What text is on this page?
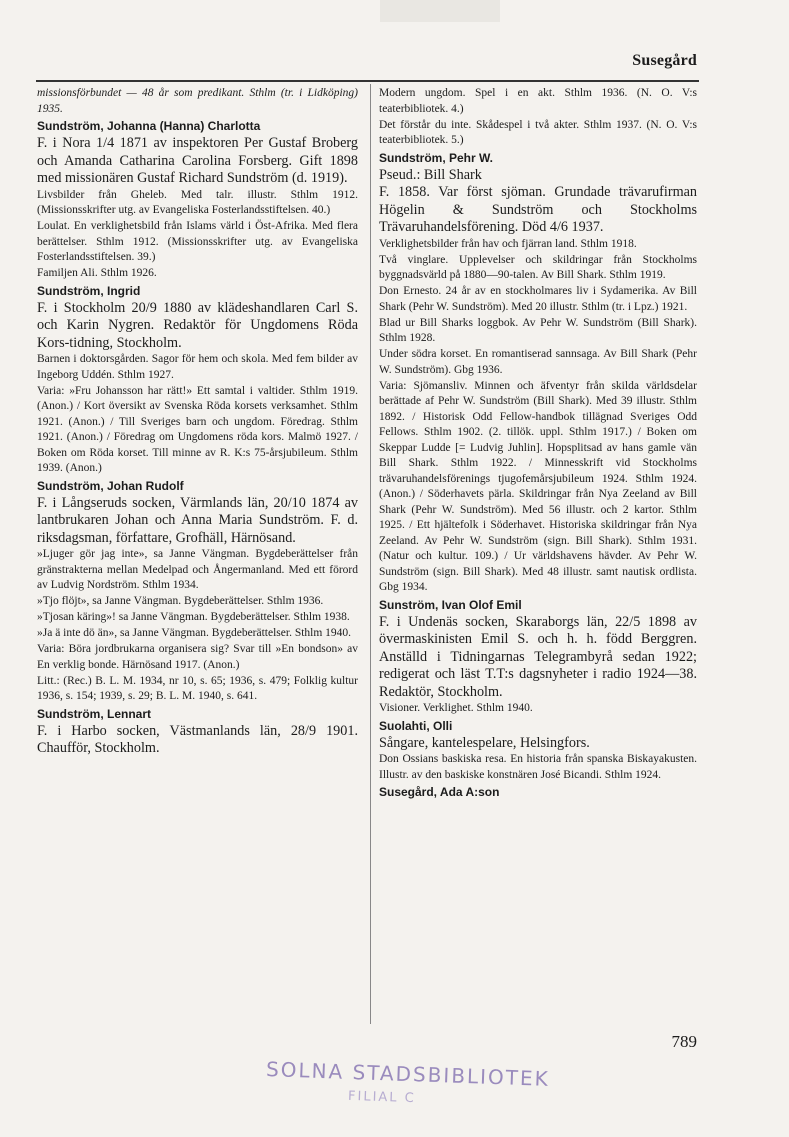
Susegård

missionsförbundet — 48 år som predikant. Sthlm (tr. i Lidköping) 1935.

Sundström, Johanna (Hanna) Charlotta

F. i Nora 1/4 1871 av inspektoren Per Gustaf Broberg och Amanda Catharina Carolina Forsberg. Gift 1898 med missionären Gustaf Richard Sundström (d. 1919).

Livsbilder från Gheleb. Med talr. illustr. Sthlm 1912. (Missionsskrifter utg. av Evangeliska Fosterlandsstiftelsen. 40.)

Loulat. En verklighetsbild från Islams värld i Öst-Afrika. Med flera berättelser. Sthlm 1912. (Missionsskrifter utg. av Evangeliska Fosterlandsstiftelsen. 39.)

Familjen Ali. Sthlm 1926.

Sundström, Ingrid

F. i Stockholm 20/9 1880 av klädeshandlaren Carl S. och Karin Nygren. Redaktör för Ungdomens Röda Kors-tidning, Stockholm.

Barnen i doktorsgården. Sagor för hem och skola. Med fem bilder av Ingeborg Uddén. Sthlm 1927.

Varia: »Fru Johansson har rätt!» Ett samtal i valtider. Sthlm 1919. (Anon.) / Kort översikt av Svenska Röda korsets verksamhet. Sthlm 1921. (Anon.) / Till Sveriges barn och ungdom. Föredrag. Sthlm 1921. (Anon.) / Föredrag om Ungdomens röda kors. Malmö 1927. / Boken om Röda korset. Till minne av R. K:s 75-årsjubileum. Sthlm 1939. (Anon.)

Sundström, Johan Rudolf

F. i Långseruds socken, Värmlands län, 20/10 1874 av lantbrukaren Johan och Anna Maria Sundström. F. d. riksdagsman, författare, Grofhäll, Härnösand.

»Ljuger gör jag inte», sa Janne Vängman. Bygdeberättelser från gränstrakterna mellan Medelpad och Ångermanland. Med ett förord av Ludvig Nordström. Sthlm 1934.

»Tjo flöjt», sa Janne Vängman. Bygdeberättelser. Sthlm 1936.

»Tjosan käring»! sa Janne Vängman. Bygdeberättelser. Sthlm 1938.

»Ja ä inte dö än», sa Janne Vängman. Bygdeberättelser. Sthlm 1940.

Varia: Böra jordbrukarna organisera sig? Svar till »En bondson» av En verklig bonde. Härnösand 1917. (Anon.)

Litt.: (Rec.) B. L. M. 1934, nr 10, s. 65; 1936, s. 479; Folklig kultur 1936, s. 154; 1939, s. 29; B. L. M. 1940, s. 641.

Sundström, Lennart

F. i Harbo socken, Västmanlands län, 28/9 1901. Chaufför, Stockholm.

Modern ungdom. Spel i en akt. Sthlm 1936. (N. O. V:s teaterbibliotek. 4.)

Det förstår du inte. Skådespel i två akter. Sthlm 1937. (N. O. V:s teaterbibliotek. 5.)

Sundström, Pehr W.

Pseud.: Bill Shark

F. 1858. Var först sjöman. Grundade trävarufirman Högelin & Sundström och Stockholms Trävaruhandelsförening. Död 4/6 1937.

Verklighetsbilder från hav och fjärran land. Sthlm 1918.

Två vinglare. Upplevelser och skildringar från Stockholms byggnadsvärld på 1880—90-talen. Av Bill Shark. Sthlm 1919.

Don Ernesto. 24 år av en stockholmares liv i Sydamerika. Av Bill Shark (Pehr W. Sundström). Med 20 illustr. Sthlm (tr. i Lpz.) 1921.

Blad ur Bill Sharks loggbok. Av Pehr W. Sundström (Bill Shark). Sthlm 1928.

Under södra korset. En romantiserad sannsaga. Av Bill Shark (Pehr W. Sundström). Gbg 1936.

Varia: Sjömansliv. Minnen och äfventyr från skilda världsdelar berättade af Pehr W. Sundström (Bill Shark). Med 39 illustr. Sthlm 1892. / Historisk Odd Fellow-handbok tillägnad Sveriges Odd Fellows. Sthlm 1902. (2. tillök. uppl. Sthlm 1917.) / Boken om Skeppar Ludde [= Ludvig Juhlin]. Hopsplitsad av hans gamle vän Bill Shark. Sthlm 1922. / Minnesskrift vid Stockholms trävaruhandelsförenings tjugofemårsjubileum 1924. Sthlm 1924. (Anon.) / Söderhavets pärla. Skildringar från Nya Zeeland av Bill Shark (Pehr W. Sundström). Med 56 illustr. och 2 kartor. Sthlm 1925. / Ett hjältefolk i Söderhavet. Historiska skildringar från Nya Zeeland. Av Pehr W. Sundström (sign. Bill Shark). Sthlm 1931. (Natur och kultur. 109.) / Ur världshavens hävder. Av Pehr W. Sundström (sign. Bill Shark). Med 48 illustr. samt nautisk ordlista. Gbg 1934.

Sunström, Ivan Olof Emil

F. i Undenäs socken, Skaraborgs län, 22/5 1898 av övermaskinisten Emil S. och h. h. född Berggren. Anställd i Tidningarnas Telegrambyrå sedan 1922; redigerat och läst T.T:s dagsnyheter i radio 1924—38. Redaktör, Stockholm.

Visioner. Verklighet. Sthlm 1940.

Suolahti, Olli

Sångare, kantelespelare, Helsingfors.

Don Ossians baskiska resa. En historia från spanska Biskayakusten. Illustr. av den baskiske konstnären José Bicandi. Sthlm 1924.

Susegård, Ada A:son

789
SOLNA STADSBIBLIOTEK
FILIAL C
